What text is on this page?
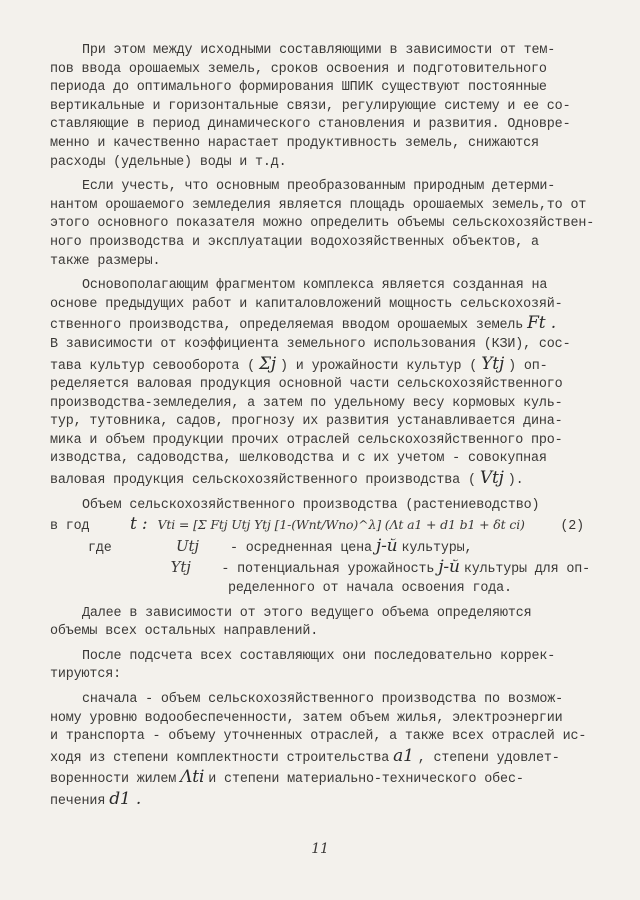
При этом между исходными составляющими в зависимости от тем-
пов ввода орошаемых земель, сроков освоения и подготовительного
периода до оптимального формирования ШПИК существуют постоянные
вертикальные и горизонтальные связи, регулирующие систему и ее со-
ставляющие в период динамического становления и развития. Одновре-
менно и качественно нарастает продуктивность земель, снижаются
расходы (удельные) воды и т.д.
Если учесть, что основным преобразованным природным детерми-
нантом орошаемого земледелия является площадь орошаемых земель,то от
этого основного показателя можно определить объемы сельскохозяйствен-
ного производства и эксплуатации водохозяйственных объектов, а
также размеры.
Основополагающим фрагментом комплекса является созданная на
основе предыдущих работ и капиталовложений мощность сельскохозяй-
ственного производства, определяемая вводом орошаемых земель Ft .
В зависимости от коэффициента земельного использования (КЗИ), сос-
тава культур севооборота ( Σj ) и урожайности культур ( Ytj ) оп-
ределяется валовая продукция основной части сельскохозяйственного
производства-земледелия, а затем по удельному весу кормовых куль-
тур, тутовника, садов, прогнозу их развития устанавливается дина-
мика и объем продукции прочих отраслей сельскохозяйственного про-
изводства, садоводства, шелководства и с их учетом - совокупная
валовая продукция сельскохозяйственного производства ( Vtj ).
Объем сельскохозяйственного производства (растениеводство)
в год	t : Vti = [Σ Ftj Utj Ytj [1-(Wnt/Wno)^λ] (Λt a1 + d1 b1 + δt ci)	(2)
где	Utj	- осредненная цена j-й культуры,
Ytj	- потенциальная урожайность j-й культуры для оп-
ределенного от начала освоения года.
Далее в зависимости от этого ведущего объема определяются
объемы всех остальных направлений.
После подсчета всех составляющих они последовательно коррек-
тируются:
сначала - объем сельскохозяйственного производства по возмож-
ному уровню водообеспеченности, затем объем жилья, электроэнергии
и транспорта - объему уточненных отраслей, а также всех отраслей ис-
ходя из степени комплектности строительства a1 , степени удовлет-
воренности жилем Λti и степени материально-технического обес-
печения d1 .
11
